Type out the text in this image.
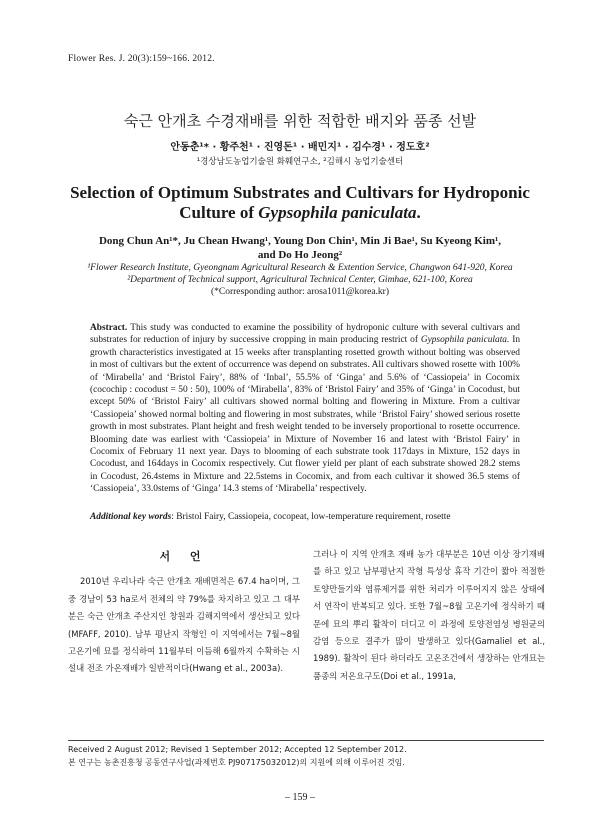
Flower Res. J. 20(3):159~166. 2012.
숙근 안개초 수경재배를 위한 적합한 배지와 품종 선발
안동춘¹* · 황주천¹ · 진영돈¹ · 배민지¹ · 김수경¹ · 정도호²
¹경상남도농업기술원 화훼연구소, ²김해시 농업기술센터
Selection of Optimum Substrates and Cultivars for Hydroponic
Culture of Gypsophila paniculata.
Dong Chun An¹*, Ju Chean Hwang¹, Young Don Chin¹, Min Ji Bae¹, Su Kyeong Kim¹,
and Do Ho Jeong²
¹Flower Research Institute, Gyeongnam Agricultural Research & Extention Service, Changwon 641-920, Korea
²Department of Technical support, Agricultural Technical Center, Gimhae, 621-100, Korea
(*Corresponding author: arosa1011@korea.kr)
Abstract. This study was conducted to examine the possibility of hydroponic culture with several cultivars and substrates for reduction of injury by successive cropping in main producing restrict of Gypsophila paniculata. In growth characteristics investigated at 15 weeks after transplanting rosetted growth without bolting was observed in most of cultivars but the extent of occurrence was depend on substrates. All cultivars showed rosette with 100% of ‘Mirabella’ and ‘Bristol Fairy’, 88% of ‘Inbal’, 55.5% of ‘Ginga’ and 5.6% of ‘Cassiopeia’ in Cocomix (cocochip : cocodust = 50 : 50), 100% of ‘Mirabella’, 83% of ‘Bristol Fairy’ and 35% of ‘Ginga’ in Cocodust, but except 50% of ‘Bristol Fairy’ all cultivars showed normal bolting and flowering in Mixture. From a cultivar ‘Cassiopeia’ showed normal bolting and flowering in most substrates, while ‘Bristol Fairy’ showed serious rosette growth in most substrates. Plant height and fresh weight tended to be inversely proportional to rosette occurrence. Blooming date was earliest with ‘Cassiopeia’ in Mixture of November 16 and latest with ‘Bristol Fairy’ in Cocomix of February 11 next year. Days to blooming of each substrate took 117days in Mixture, 152 days in Cocodust, and 164days in Cocomix respectively. Cut flower yield per plant of each substrate showed 28.2 stems in Cocodust, 26.4stems in Mixture and 22.5stems in Cocomix, and from each cultivar it showed 36.5 stems of ‘Cassiopeia’, 33.0stems of ‘Ginga’ 14.3 stems of ‘Mirabella’ respectively.
Additional key words: Bristol Fairy, Cassiopeia, cocopeat, low-temperature requirement, rosette
서 언

2010년 우리나라 숙근 안개초 재배면적은 67.4 ha이며, 그 중 경남이 53 ha로서 전체의 약 79%를 차지하고 있고 그 대부분은 숙근 안개초 주산지인 창원과 김해지역에서 생산되고 있다(MFAFF, 2010). 남부 평난지 작형인 이 지역에서는 7월~8월 고온기에 묘를 정식하여 11월부터 이듬해 6월까지 수확하는 시설내 전조 가온재배가 일반적이다(Hwang et al., 2003a).

그러나 이 지역 안개초 재배 농가 대부분은 10년 이상 장기재배를 하고 있고 남부평난지 작형 특성상 휴작 기간이 짧아 적절한 토양만들기와 염류제거를 위한 처리가 이루어지지 않은 상태에서 연작이 반복되고 있다. 또한 7월~8월 고온기에 정식하기 때문에 묘의 뿌리 활착이 더디고 이 과정에 토양전염성 병원균의 감염 등으로 결주가 많이 발생하고 있다(Gamaliel et al., 1989). 활착이 된다 하더라도 고온조건에서 생장하는 안개묘는 품종의 저온요구도(Doi et al., 1991a,

Received 2 August 2012; Revised 1 September 2012; Accepted 12 September 2012.
본 연구는 농촌진흥청 공동연구사업(과제번호 PJ907175032012)의 지원에 의해 이루어진 것임.
– 159 –
